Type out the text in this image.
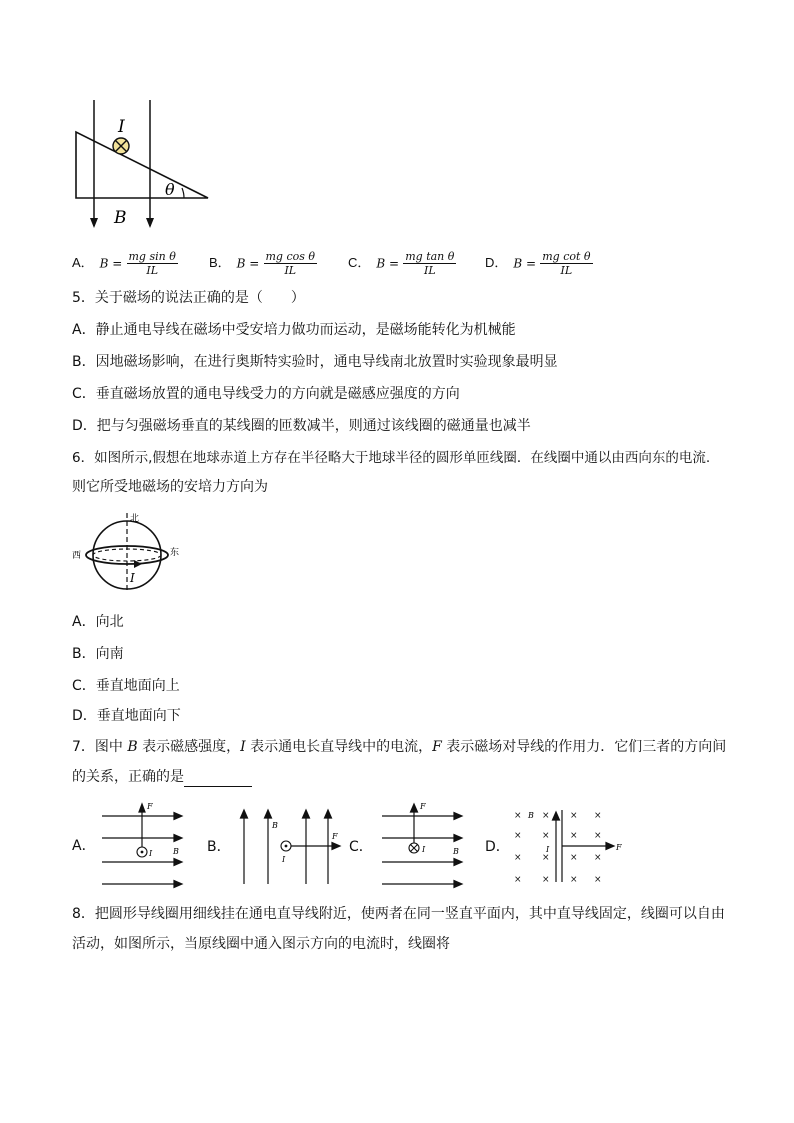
I
θ
B
A． $B = \frac{\text{mg sin θ}}{IL}$ B． $B = \frac{\text{mg cos θ}}{IL}$ C． $B = \frac{\text{mg tan θ}}{IL}$ D． $B = \frac{\text{mg cot θ}}{IL}$
5．关于磁场的说法正确的是（　　）
A．静止通电导线在磁场中受安培力做功而运动，是磁场能转化为机械能
B．因地磁场影响，在进行奥斯特实验时，通电导线南北放置时实验现象最明显
C．垂直磁场放置的通电导线受力的方向就是磁感应强度的方向
D．把与匀强磁场垂直的某线圈的匝数减半，则通过该线圈的磁通量也减半
6．如图所示,假想在地球赤道上方存在半径略大于地球半径的圆形单匝线圈．在线圈中通以由西向东的电流.
则它所受地磁场的安培力方向为
北
西	东
I
A．向北
B．向南
C．垂直地面向上
D．垂直地面向下
7．图中 B 表示磁感强度，I 表示通电长直导线中的电流，F 表示磁场对导线的作用力．它们三者的方向间
的关系，正确的是
A．	B．	C．	D．
F
I	B
B
F
I
F
I	B
× × × ×
× × × ×
× × × ×
× × × ×
B
I	F
8．把圆形导线圈用细线挂在通电直导线附近，使两者在同一竖直平面内，其中直导线固定，线圈可以自由
活动，如图所示，当原线圈中通入图示方向的电流时，线圈将
